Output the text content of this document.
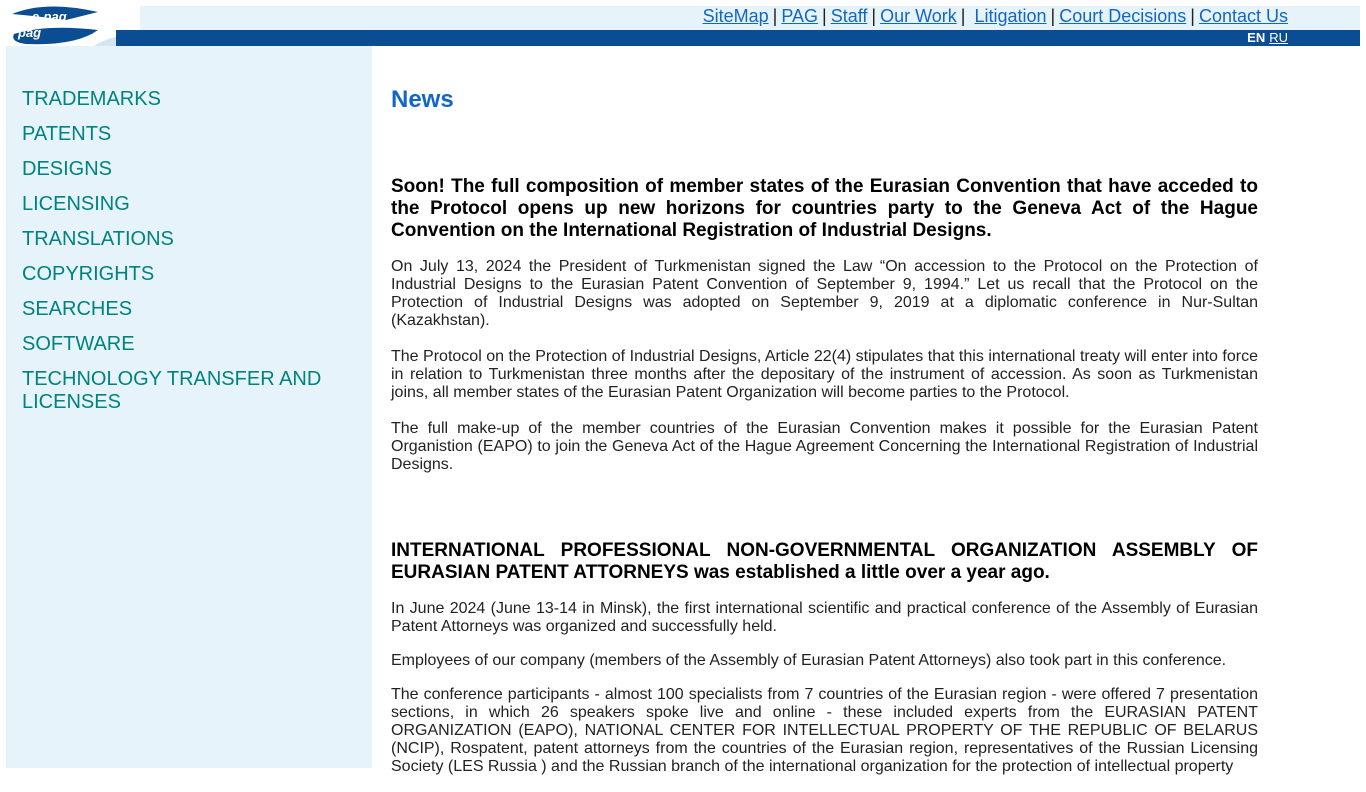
e-pag
pag
SiteMap | PAG | Staff | Our Work | Litigation | Court Decisions | Contact Us
EN RU
TRADEMARKS
PATENTS
DESIGNS
LICENSING
TRANSLATIONS
COPYRIGHTS
SEARCHES
SOFTWARE
TECHNOLOGY TRANSFER AND LICENSES
News
Soon! The full composition of member states of the Eurasian Convention that have acceded to the Protocol opens up new horizons for countries party to the Geneva Act of the Hague Convention on the International Registration of Industrial Designs.

On July 13, 2024 the President of Turkmenistan signed the Law “On accession to the Protocol on the Protection of Industrial Designs to the Eurasian Patent Convention of September 9, 1994.” Let us recall that the Protocol on the Protection of Industrial Designs was adopted on September 9, 2019 at a diplomatic conference in Nur-Sultan (Kazakhstan).

The Protocol on the Protection of Industrial Designs, Article 22(4) stipulates that this international treaty will enter into force in relation to Turkmenistan three months after the depositary of the instrument of accession. As soon as Turkmenistan joins, all member states of the Eurasian Patent Organization will become parties to the Protocol.

The full make-up of the member countries of the Eurasian Convention makes it possible for the Eurasian Patent Organistion (EAPO) to join the Geneva Act of the Hague Agreement Concerning the International Registration of Industrial Designs.

INTERNATIONAL PROFESSIONAL NON-GOVERNMENTAL ORGANIZATION ASSEMBLY OF EURASIAN PATENT ATTORNEYS was established a little over a year ago.

In June 2024 (June 13-14 in Minsk), the first international scientific and practical conference of the Assembly of Eurasian Patent Attorneys was organized and successfully held.

Employees of our company (members of the Assembly of Eurasian Patent Attorneys) also took part in this conference.

The conference participants - almost 100 specialists from 7 countries of the Eurasian region - were offered 7 presentation sections, in which 26 speakers spoke live and online - these included experts from the EURASIAN PATENT ORGANIZATION (EAPO), NATIONAL CENTER FOR INTELLECTUAL PROPERTY OF THE REPUBLIC OF BELARUS (NCIP), Rospatent, patent attorneys from the countries of the Eurasian region, representatives of the Russian Licensing Society (LES Russia ) and the Russian branch of the international organization for the protection of intellectual property
